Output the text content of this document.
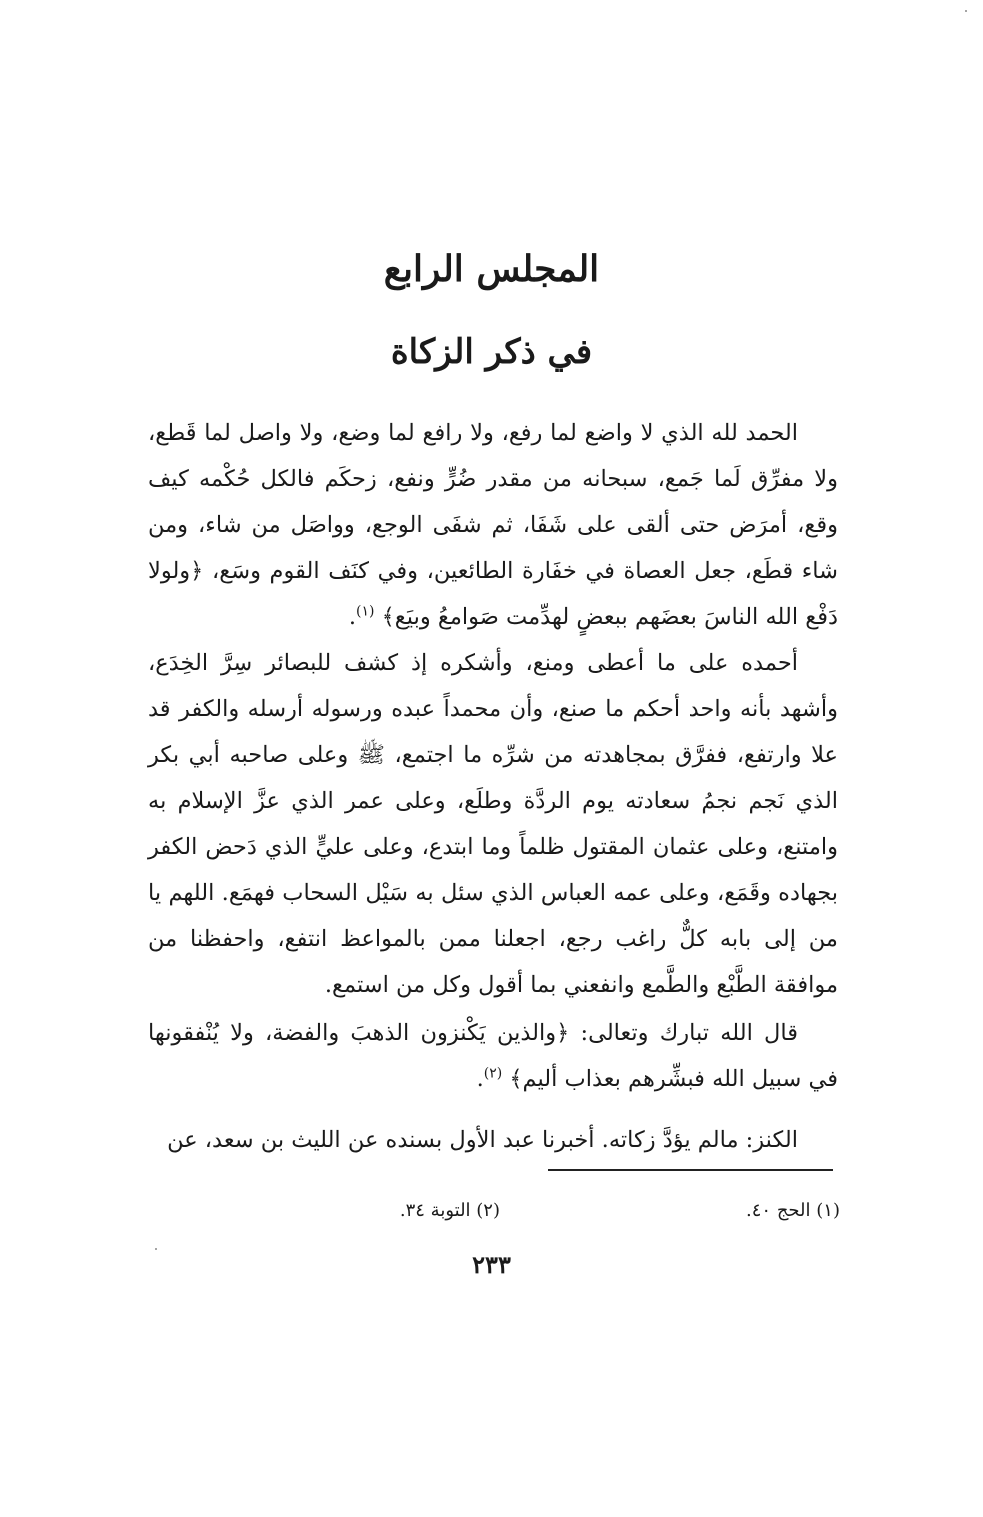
المجلس الرابع
في ذكر الزكاة

الحمد لله الذي لا واضع لما رفع، ولا رافع لما وضع، ولا واصل لما قَطع، ولا مفرِّق لَما جَمع، سبحانه من مقدر ضُرٍّ ونفع، زحكَم فالكل حُكْمه كيف وقع، أمرَض حتى ألقى على شَفَا، ثم شفَى الوجع، وواصَل من شاء، ومن شاء قطَع، جعل العصاة في خفَارة الطائعين، وفي كنَف القوم وسَع، ﴿ولولا دَفْع الله الناسَ بعضَهم ببعضٍ لهدِّمت صَوامعُ وبيَع﴾ $^{(١)}$.

أحمده على ما أعطى ومنع، وأشكره إذ كشف للبصائر سِرَّ الخِدَع، وأشهد بأنه واحد أحكم ما صنع، وأن محمداً عبده ورسوله أرسله والكفر قد علا وارتفع، ففرَّق بمجاهدته من شرِّه ما اجتمع، ﷺ وعلى صاحبه أبي بكر الذي نَجم نجمُ سعادته يوم الردَّة وطلَع، وعلى عمر الذي عزَّ الإسلام به وامتنع، وعلى عثمان المقتول ظلماً وما ابتدع، وعلى عليٍّ الذي دَحض الكفر بجهاده وقَمَع، وعلى عمه العباس الذي سئل به سَيْل السحاب فهمَع. اللهم يا من إلى بابه كلٌّ راغب رجع، اجعلنا ممن بالمواعظ انتفع، واحفظنا من موافقة الطَّبْع والطَّمع وانفعني بما أقول وكل من استمع.

قال الله تبارك وتعالى: ﴿والذين يَكْنزون الذهبَ والفضة، ولا يُنْفقونها في سبيل الله فبشِّرهم بعذاب أليم﴾ $^{(٢)}$.

الكنز: مالم يؤدَّ زكاته. أخبرنا عبد الأول بسنده عن الليث بن سعد، عن

(١) الحج ٤٠.
(٢) التوبة ٣٤.
٢٣٣
